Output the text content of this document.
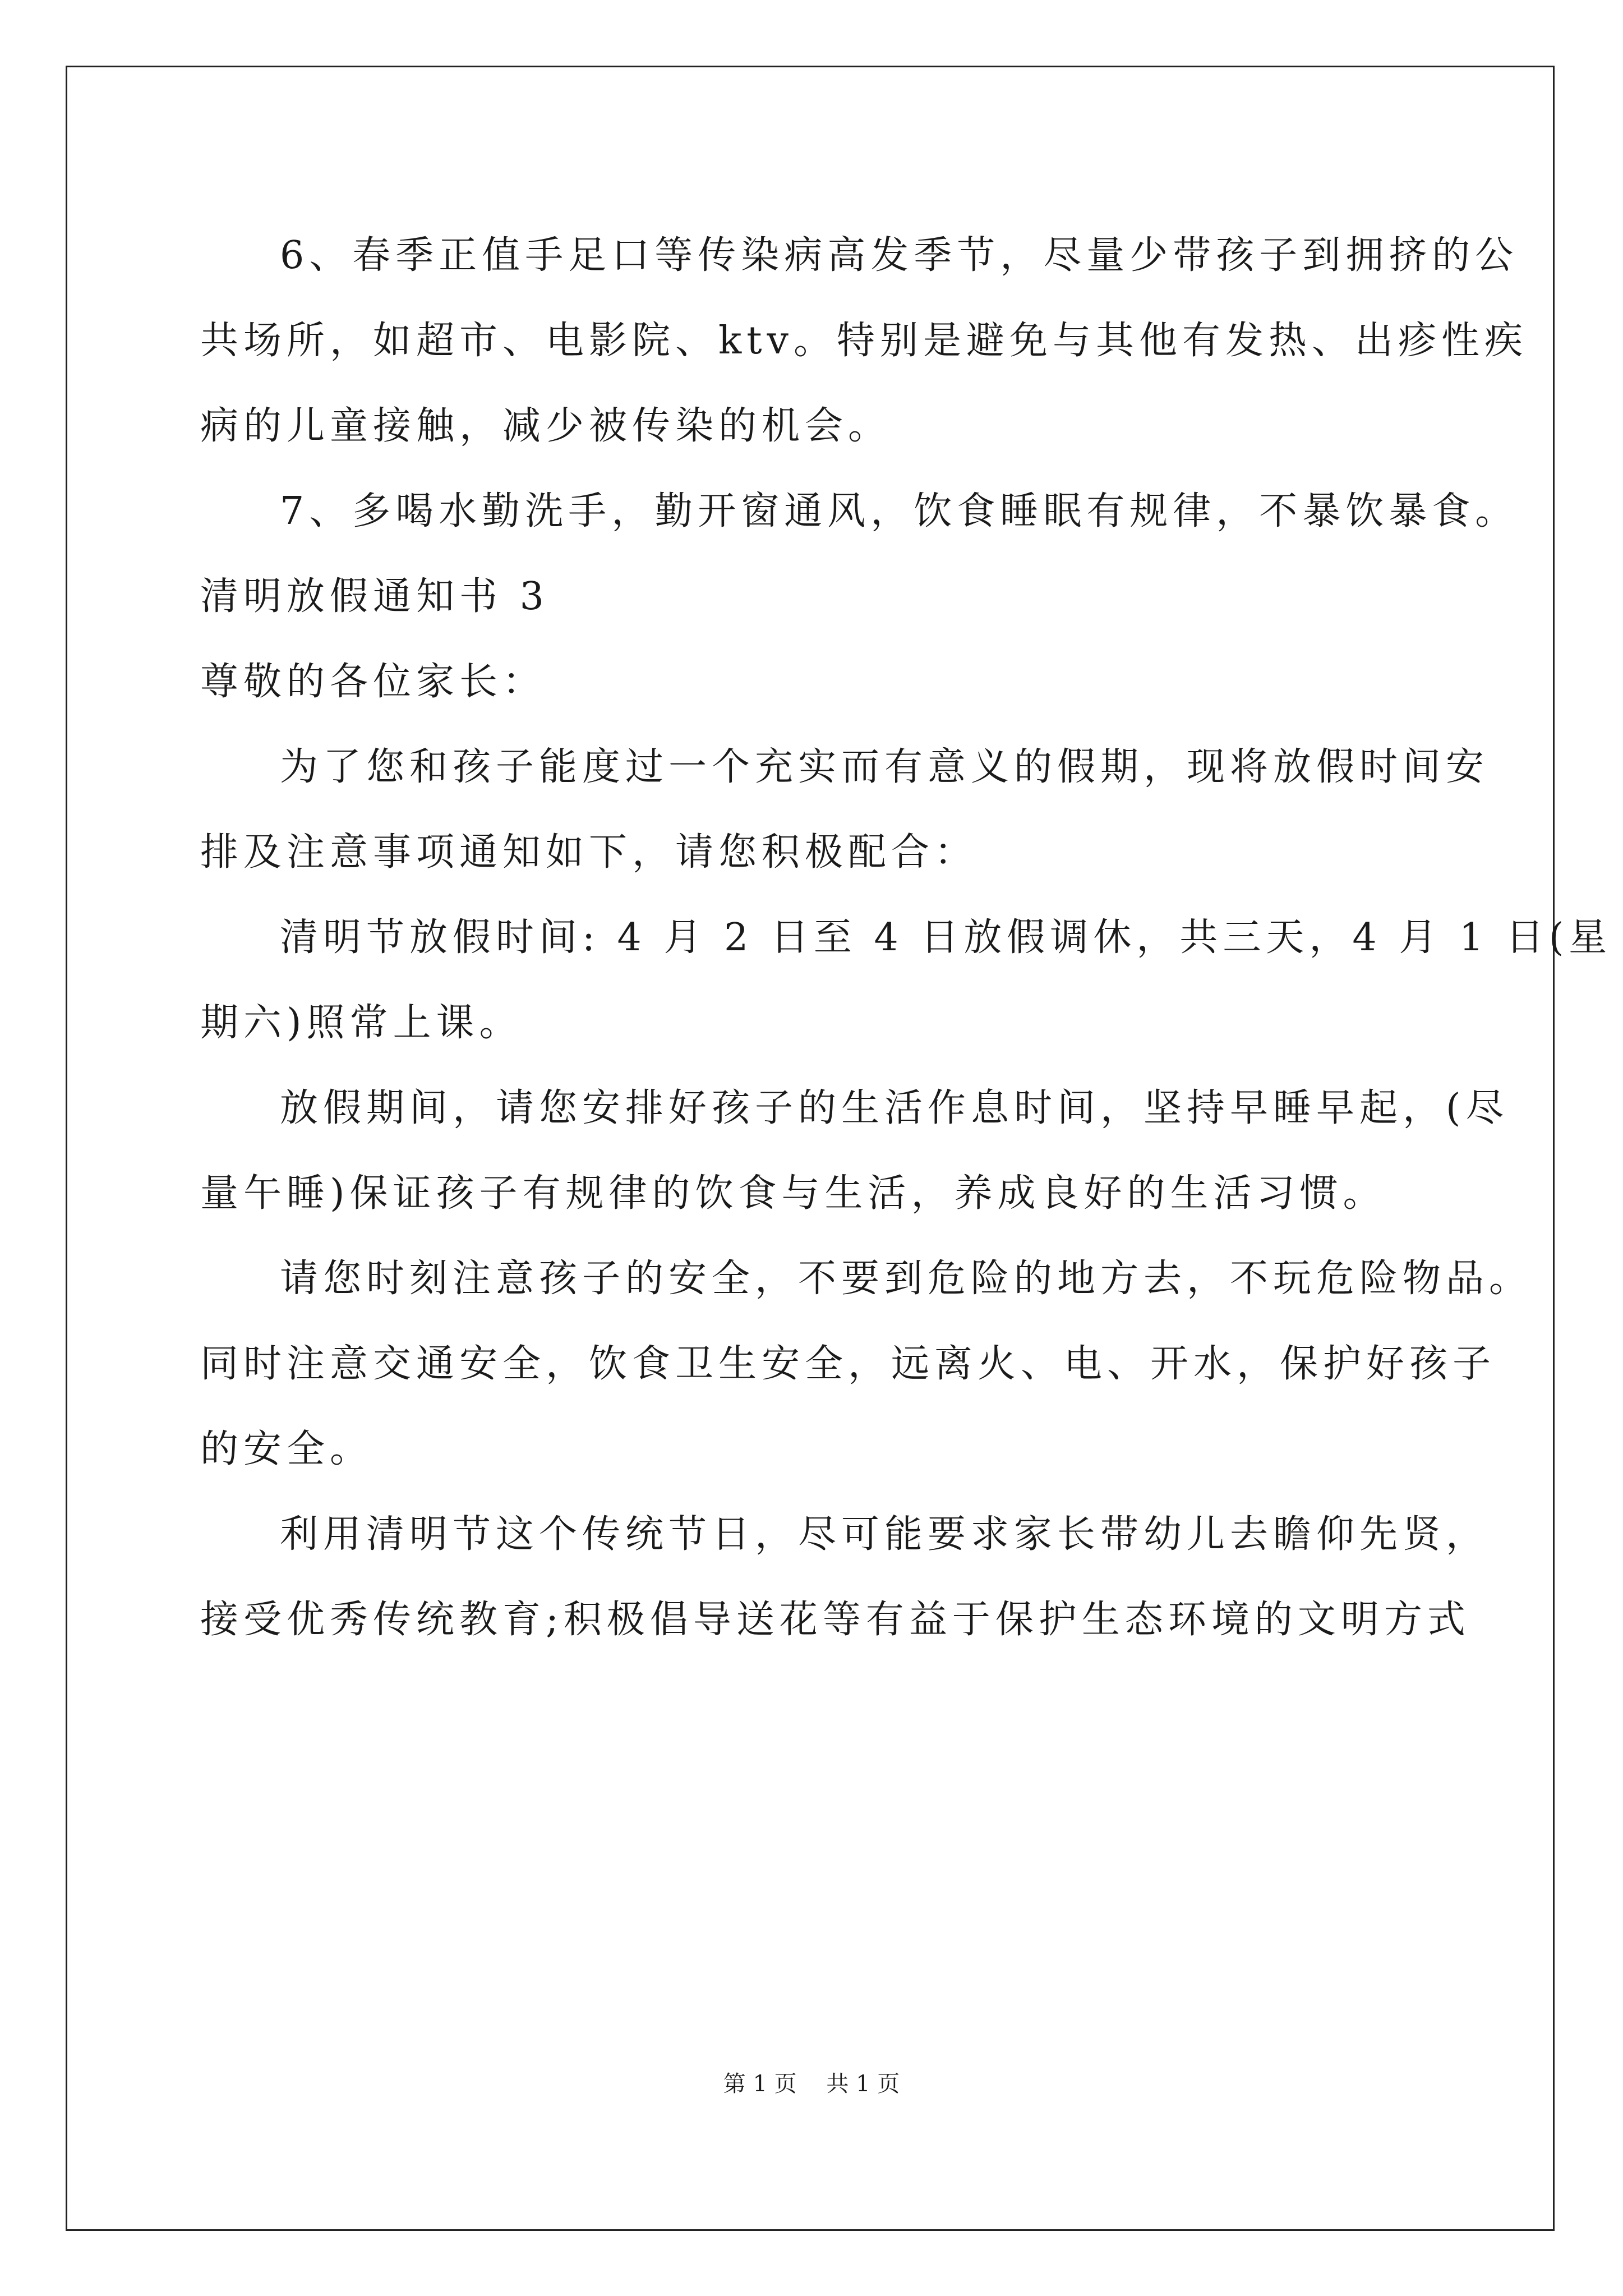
6、春季正值手足口等传染病高发季节，尽量少带孩子到拥挤的公
共场所，如超市、电影院、ktv。特别是避免与其他有发热、出疹性疾
病的儿童接触，减少被传染的机会。
7、多喝水勤洗手，勤开窗通风，饮食睡眠有规律，不暴饮暴食。
清明放假通知书 3
尊敬的各位家长：
为了您和孩子能度过一个充实而有意义的假期，现将放假时间安
排及注意事项通知如下，请您积极配合：
清明节放假时间: 4 月 2 日至 4 日放假调休，共三天，4 月 1 日(星
期六)照常上课。
放假期间，请您安排好孩子的生活作息时间，坚持早睡早起，(尽
量午睡)保证孩子有规律的饮食与生活，养成良好的生活习惯。
请您时刻注意孩子的安全，不要到危险的地方去，不玩危险物品。
同时注意交通安全，饮食卫生安全，远离火、电、开水，保护好孩子
的安全。
利用清明节这个传统节日，尽可能要求家长带幼儿去瞻仰先贤，
接受优秀传统教育;积极倡导送花等有益于保护生态环境的文明方式
第 1 页 共 1 页
